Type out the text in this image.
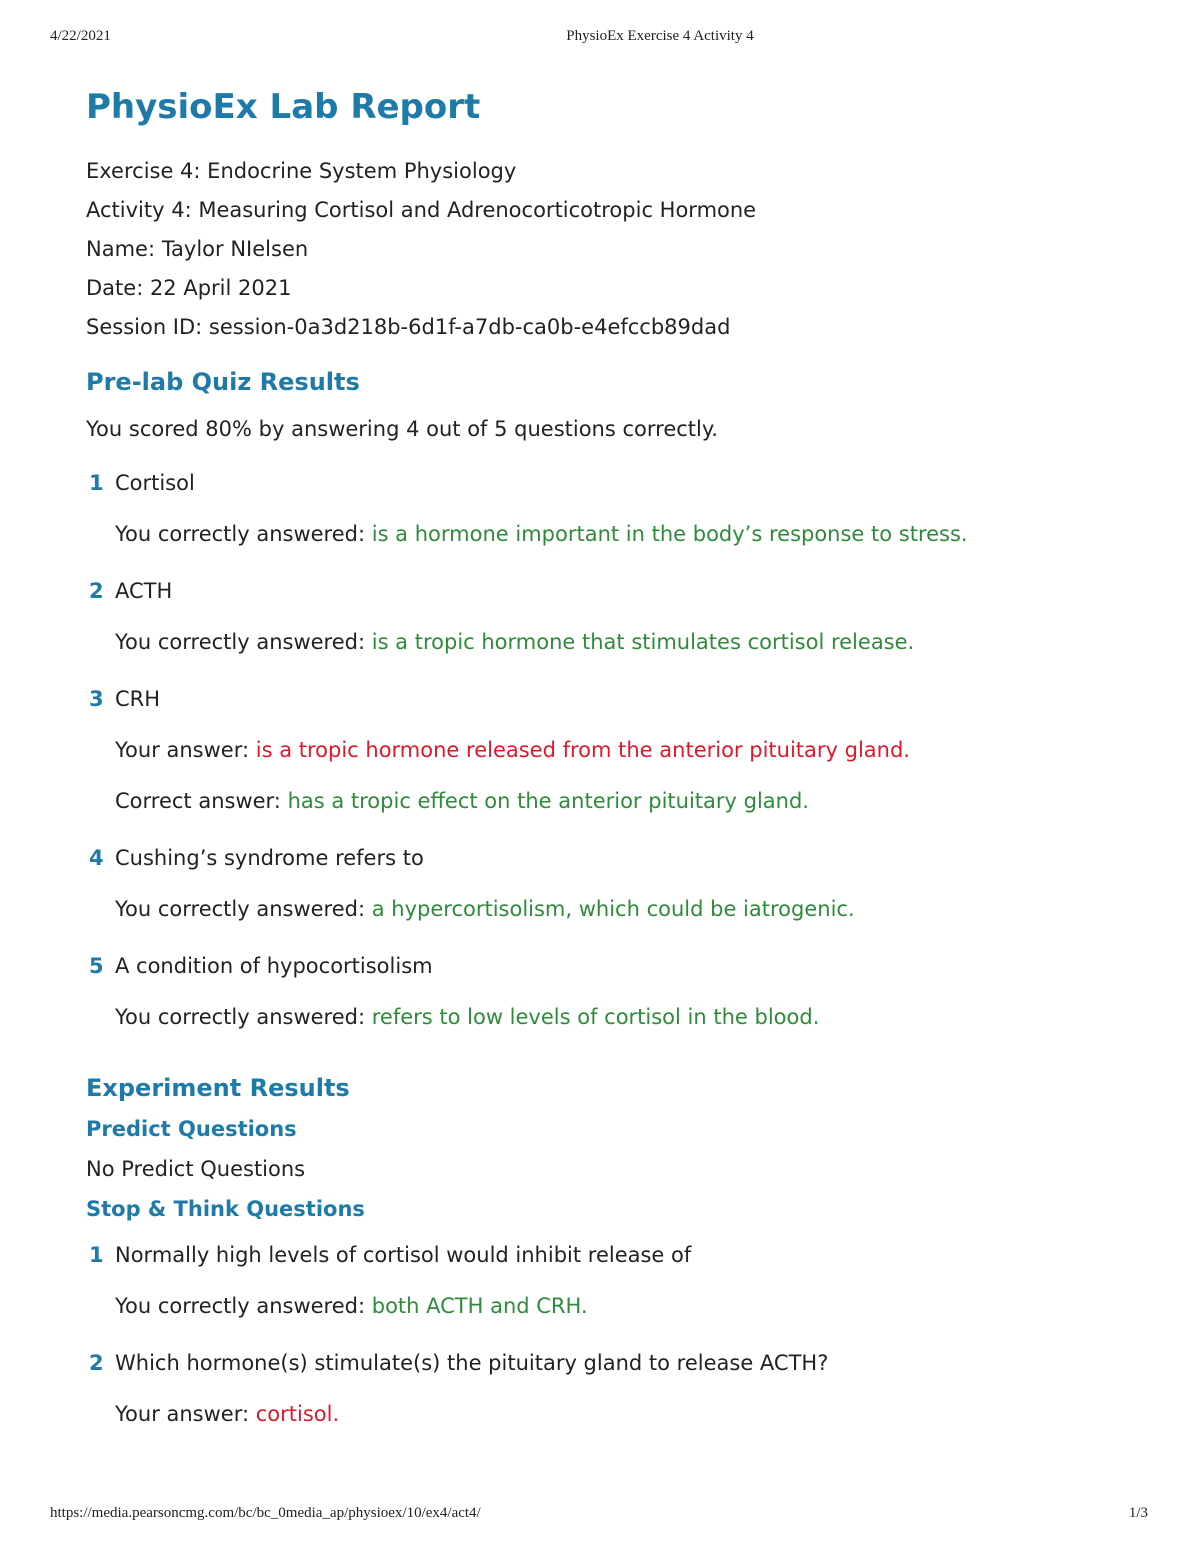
4/22/2021	PhysioEx Exercise 4 Activity 4
PhysioEx Lab Report
Exercise 4: Endocrine System Physiology
Activity 4: Measuring Cortisol and Adrenocorticotropic Hormone
Name: Taylor NIelsen
Date: 22 April 2021
Session ID: session-0a3d218b-6d1f-a7db-ca0b-e4efccb89dad
Pre-lab Quiz Results
You scored 80% by answering 4 out of 5 questions correctly.
1 Cortisol
You correctly answered: is a hormone important in the body’s response to stress.
2 ACTH
You correctly answered: is a tropic hormone that stimulates cortisol release.
3 CRH
Your answer: is a tropic hormone released from the anterior pituitary gland.
Correct answer: has a tropic effect on the anterior pituitary gland.
4 Cushing’s syndrome refers to
You correctly answered: a hypercortisolism, which could be iatrogenic.
5 A condition of hypocortisolism
You correctly answered: refers to low levels of cortisol in the blood.
Experiment Results
Predict Questions
No Predict Questions
Stop & Think Questions
1 Normally high levels of cortisol would inhibit release of
You correctly answered: both ACTH and CRH.
2 Which hormone(s) stimulate(s) the pituitary gland to release ACTH?
Your answer: cortisol.
https://media.pearsoncmg.com/bc/bc_0media_ap/physioex/10/ex4/act4/	1/3
